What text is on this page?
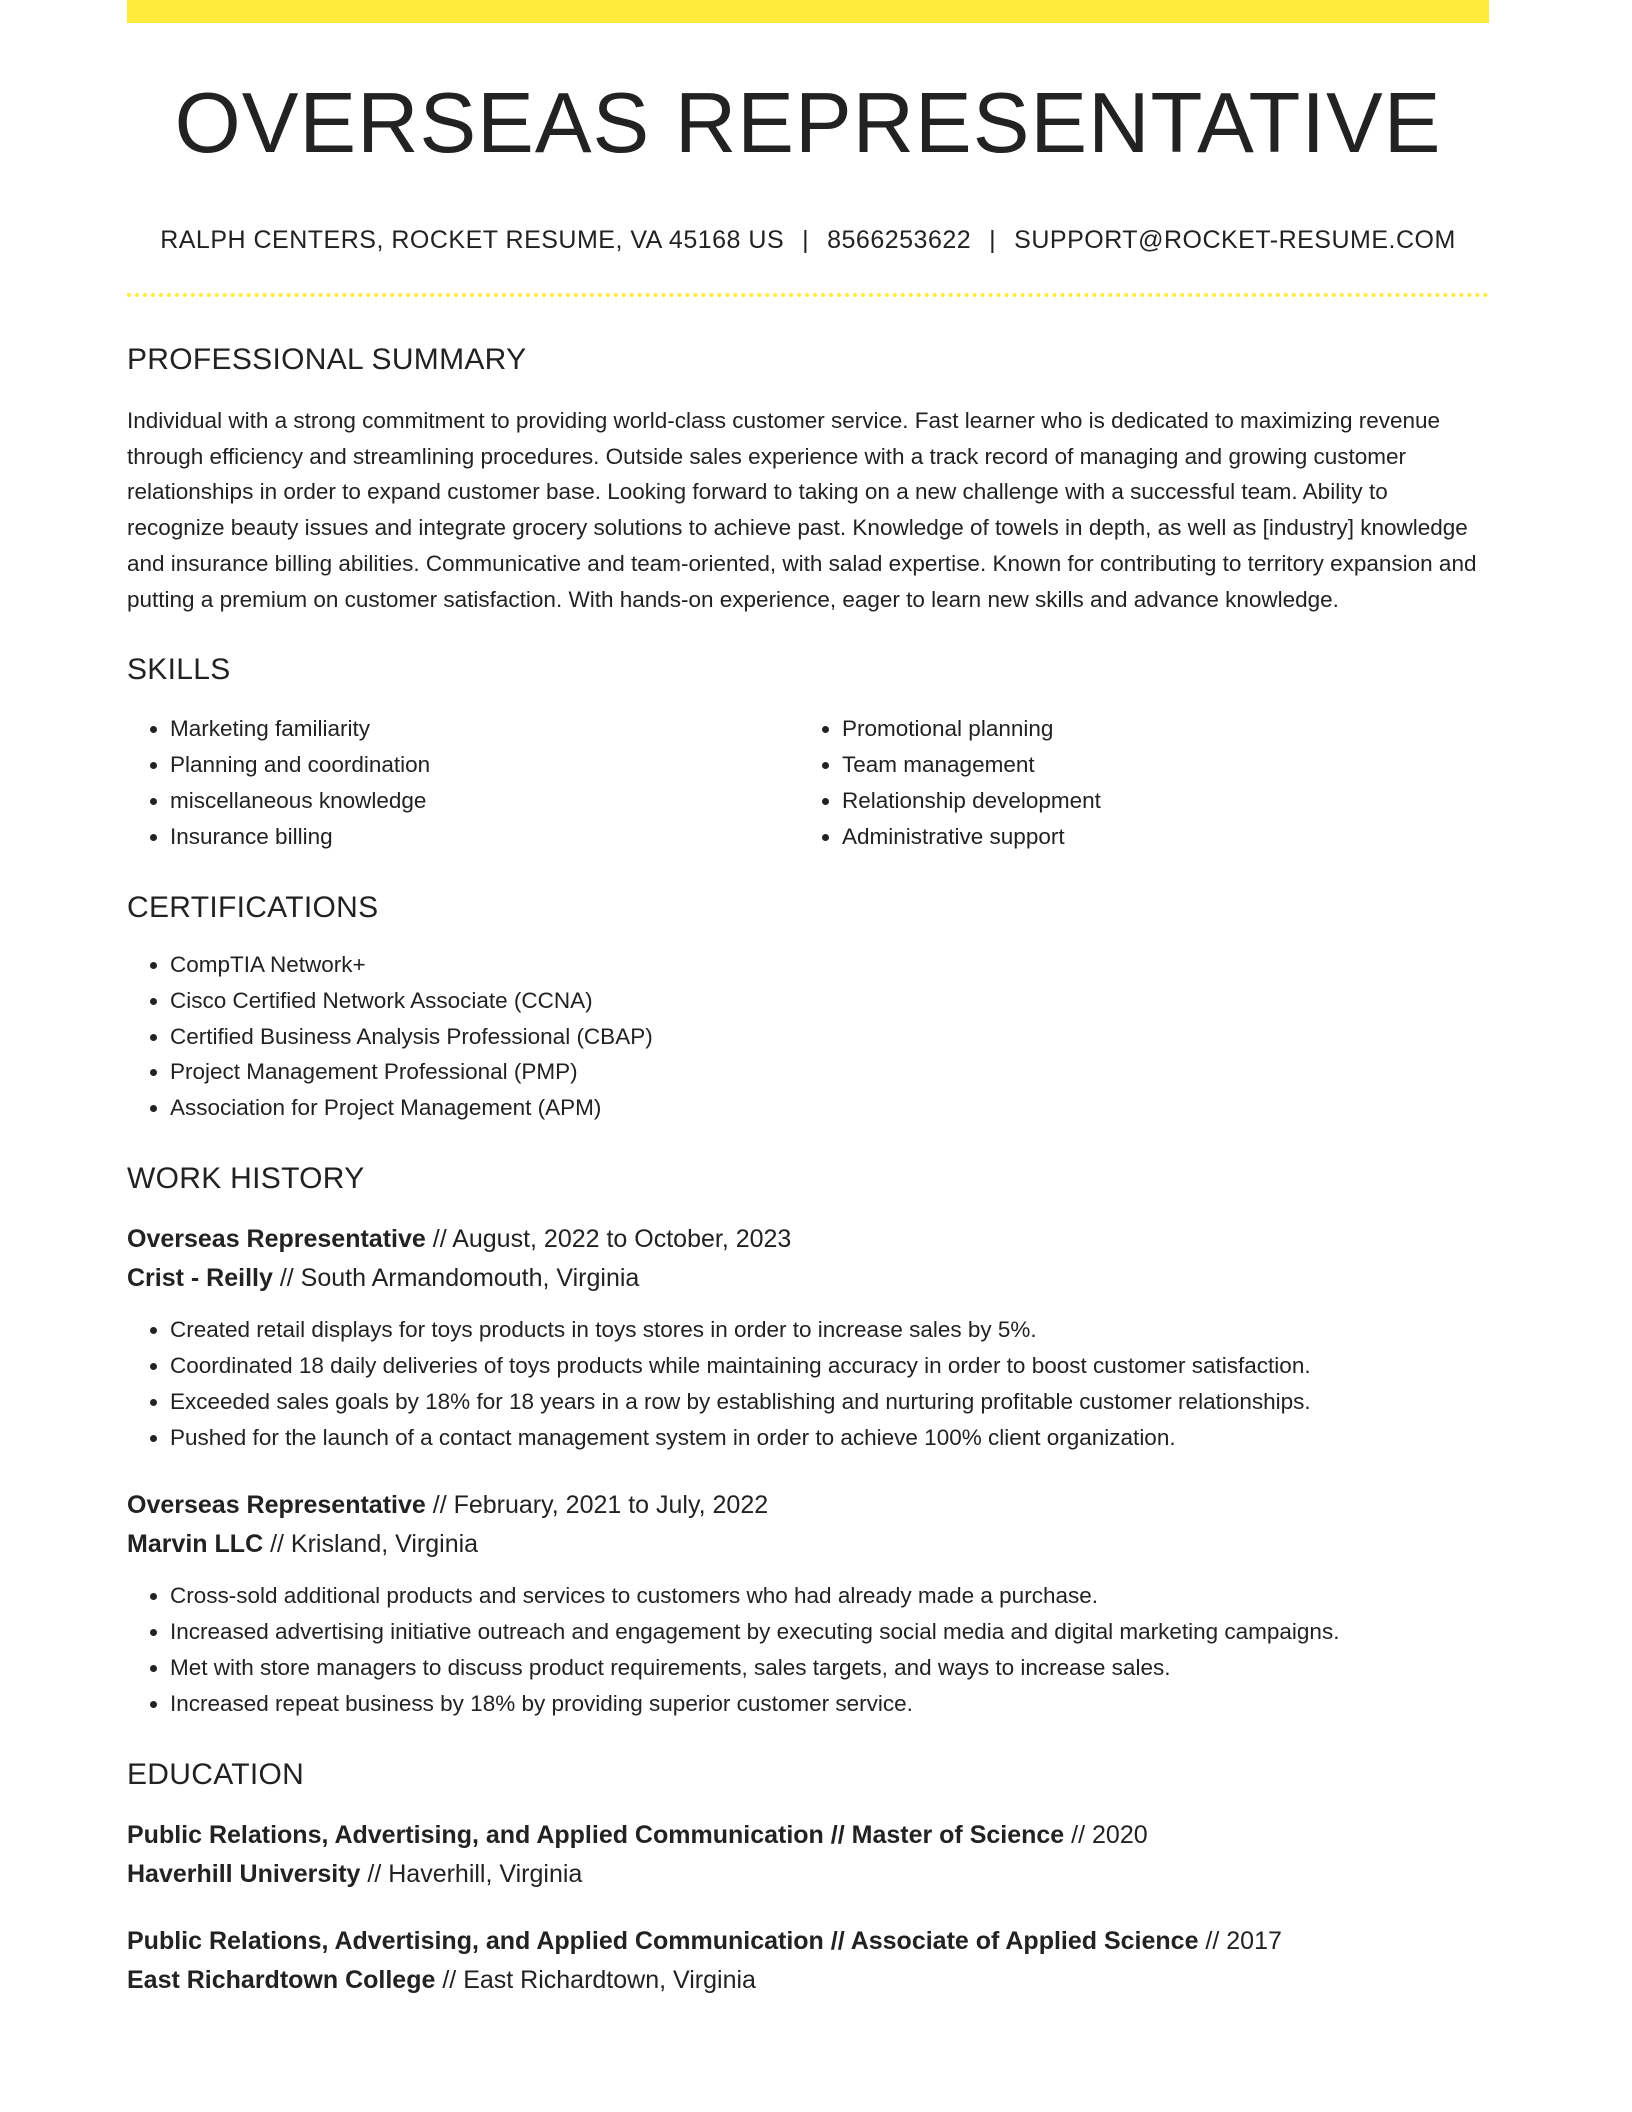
OVERSEAS REPRESENTATIVE
RALPH CENTERS, ROCKET RESUME, VA 45168 US | 8566253622 | SUPPORT@ROCKET-RESUME.COM
PROFESSIONAL SUMMARY
Individual with a strong commitment to providing world-class customer service. Fast learner who is dedicated to maximizing revenue through efficiency and streamlining procedures. Outside sales experience with a track record of managing and growing customer relationships in order to expand customer base. Looking forward to taking on a new challenge with a successful team. Ability to recognize beauty issues and integrate grocery solutions to achieve past. Knowledge of towels in depth, as well as [industry] knowledge and insurance billing abilities. Communicative and team-oriented, with salad expertise. Known for contributing to territory expansion and putting a premium on customer satisfaction. With hands-on experience, eager to learn new skills and advance knowledge.
SKILLS
• Marketing familiarity
• Planning and coordination
• miscellaneous knowledge
• Insurance billing
• Promotional planning
• Team management
• Relationship development
• Administrative support
CERTIFICATIONS
• CompTIA Network+
• Cisco Certified Network Associate (CCNA)
• Certified Business Analysis Professional (CBAP)
• Project Management Professional (PMP)
• Association for Project Management (APM)
WORK HISTORY
Overseas Representative // August, 2022 to October, 2023
Crist - Reilly // South Armandomouth, Virginia
• Created retail displays for toys products in toys stores in order to increase sales by 5%.
• Coordinated 18 daily deliveries of toys products while maintaining accuracy in order to boost customer satisfaction.
• Exceeded sales goals by 18% for 18 years in a row by establishing and nurturing profitable customer relationships.
• Pushed for the launch of a contact management system in order to achieve 100% client organization.
Overseas Representative // February, 2021 to July, 2022
Marvin LLC // Krisland, Virginia
• Cross-sold additional products and services to customers who had already made a purchase.
• Increased advertising initiative outreach and engagement by executing social media and digital marketing campaigns.
• Met with store managers to discuss product requirements, sales targets, and ways to increase sales.
• Increased repeat business by 18% by providing superior customer service.
EDUCATION
Public Relations, Advertising, and Applied Communication // Master of Science // 2020
Haverhill University // Haverhill, Virginia
Public Relations, Advertising, and Applied Communication // Associate of Applied Science // 2017
East Richardtown College // East Richardtown, Virginia
